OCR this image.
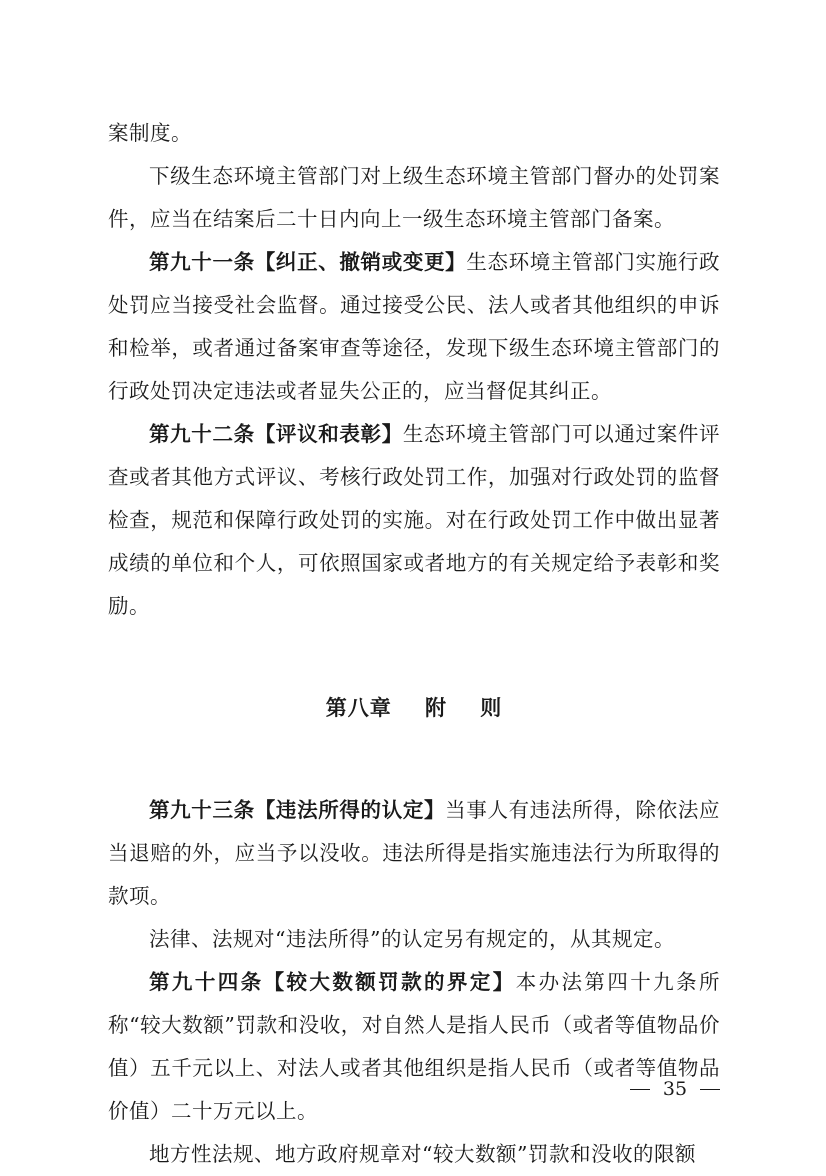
案制度。

下级生态环境主管部门对上级生态环境主管部门督办的处罚案件，应当在结案后二十日内向上一级生态环境主管部门备案。

第九十一条【纠正、撤销或变更】生态环境主管部门实施行政处罚应当接受社会监督。通过接受公民、法人或者其他组织的申诉和检举，或者通过备案审查等途径，发现下级生态环境主管部门的行政处罚决定违法或者显失公正的，应当督促其纠正。

第九十二条【评议和表彰】生态环境主管部门可以通过案件评查或者其他方式评议、考核行政处罚工作，加强对行政处罚的监督检查，规范和保障行政处罚的实施。对在行政处罚工作中做出显著成绩的单位和个人，可依照国家或者地方的有关规定给予表彰和奖励。

第八章    附    则

第九十三条【违法所得的认定】当事人有违法所得，除依法应当退赔的外，应当予以没收。违法所得是指实施违法行为所取得的款项。

法律、法规对“违法所得”的认定另有规定的，从其规定。

第九十四条【较大数额罚款的界定】本办法第四十九条所称“较大数额”罚款和没收，对自然人是指人民币（或者等值物品价值）五千元以上、对法人或者其他组织是指人民币（或者等值物品价值）二十万元以上。

地方性法规、地方政府规章对“较大数额”罚款和没收的限额

35
